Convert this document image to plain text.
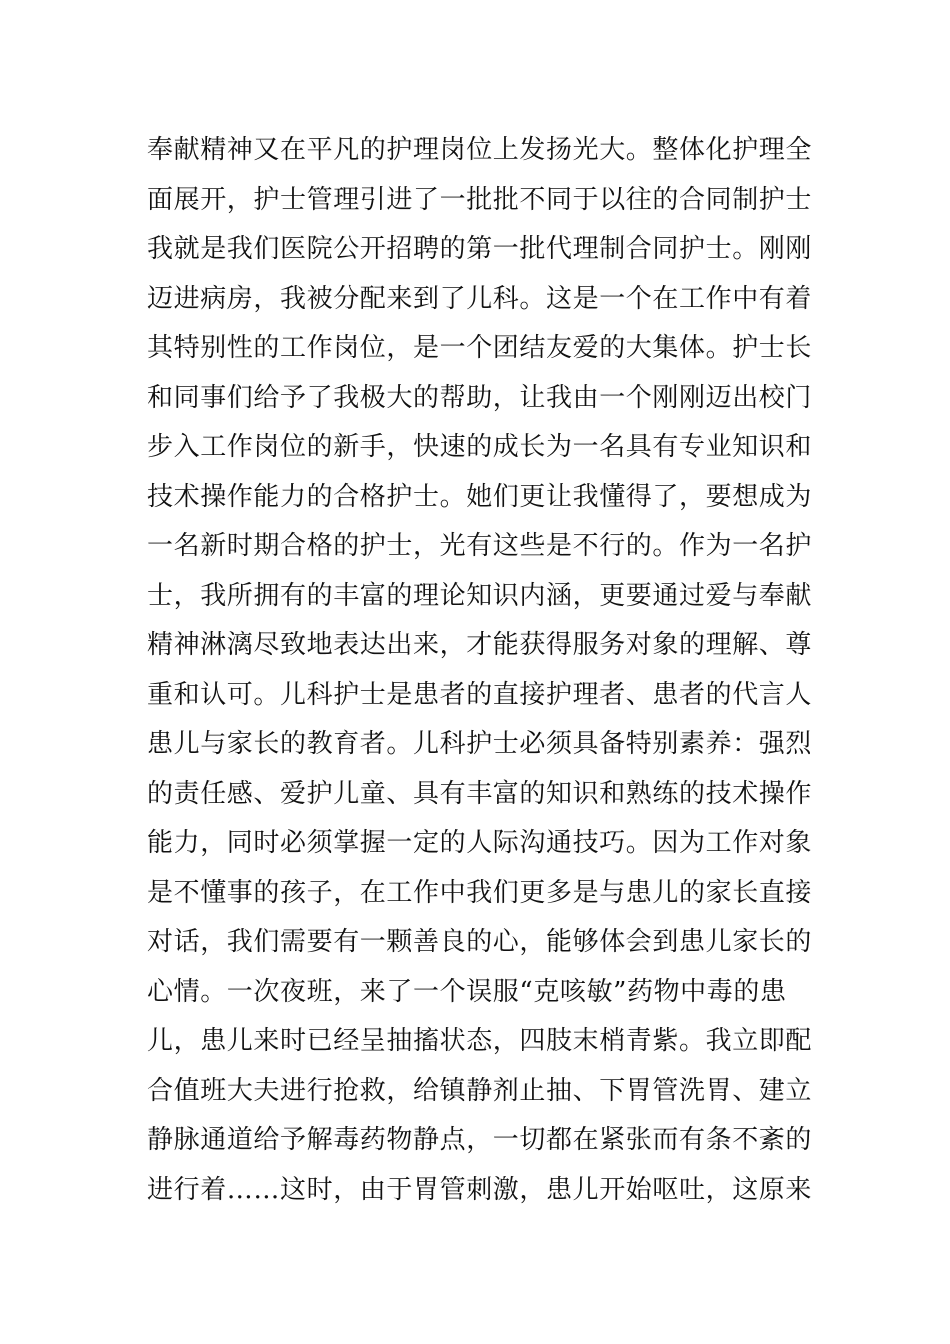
奉献精神又在平凡的护理岗位上发扬光大。整体化护理全
面展开，护士管理引进了一批批不同于以往的合同制护士
我就是我们医院公开招聘的第一批代理制合同护士。刚刚
迈进病房，我被分配来到了儿科。这是一个在工作中有着
其特别性的工作岗位，是一个团结友爱的大集体。护士长
和同事们给予了我极大的帮助，让我由一个刚刚迈出校门
步入工作岗位的新手，快速的成长为一名具有专业知识和
技术操作能力的合格护士。她们更让我懂得了，要想成为
一名新时期合格的护士，光有这些是不行的。作为一名护
士，我所拥有的丰富的理论知识内涵，更要通过爱与奉献
精神淋漓尽致地表达出来，才能获得服务对象的理解、尊
重和认可。儿科护士是患者的直接护理者、患者的代言人
患儿与家长的教育者。儿科护士必须具备特别素养：强烈
的责任感、爱护儿童、具有丰富的知识和熟练的技术操作
能力，同时必须掌握一定的人际沟通技巧。因为工作对象
是不懂事的孩子，在工作中我们更多是与患儿的家长直接
对话，我们需要有一颗善良的心，能够体会到患儿家长的
心情。一次夜班，来了一个误服“克咳敏”药物中毒的患
儿，患儿来时已经呈抽搐状态，四肢末梢青紫。我立即配
合值班大夫进行抢救，给镇静剂止抽、下胃管洗胃、建立
静脉通道给予解毒药物静点，一切都在紧张而有条不紊的
进行着……这时，由于胃管刺激，患儿开始呕吐，这原来
